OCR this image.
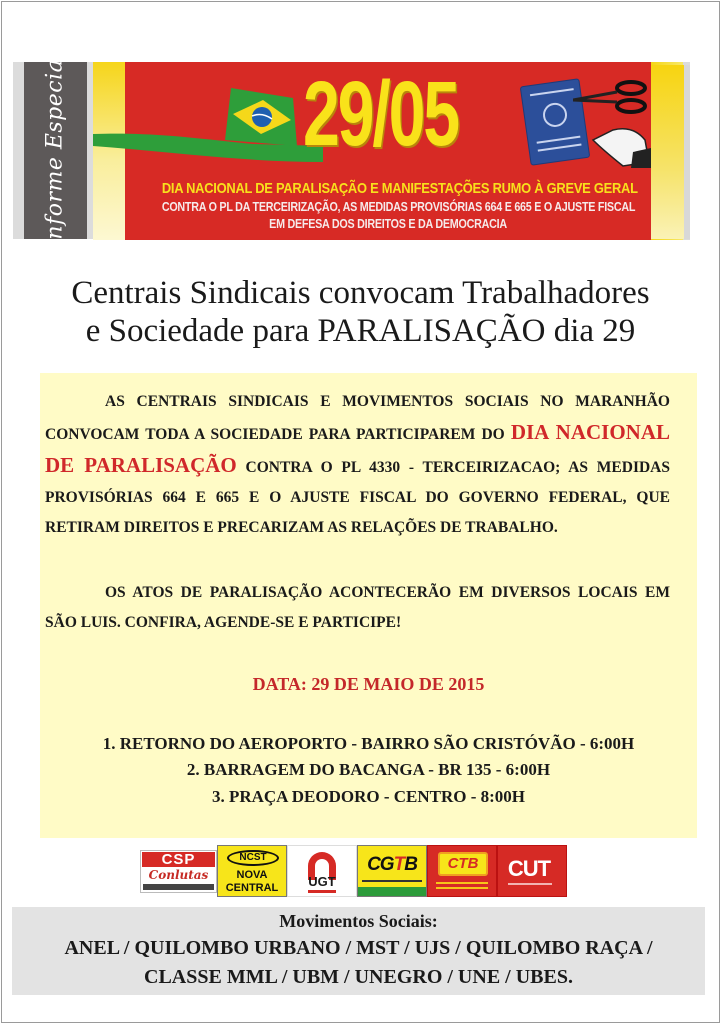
Informe Especial	29/05
DIA NACIONAL DE PARALISAÇÃO E MANIFESTAÇÕES RUMO À GREVE GERAL
CONTRA O PL DA TERCEIRIZAÇÃO, AS MEDIDAS PROVISÓRIAS 664 E 665 E O AJUSTE FISCAL
EM DEFESA DOS DIREITOS E DA DEMOCRACIA
Centrais Sindicais convocam Trabalhadores
e Sociedade para PARALISAÇÃO dia 29
AS CENTRAIS SINDICAIS E MOVIMENTOS SOCIAIS NO MARANHÃO CONVOCAM TODA A SOCIEDADE PARA PARTICIPAREM DO DIA NACIONAL DE PARALISAÇÃO CONTRA O PL 4330 - TERCEIRIZACAO; AS MEDIDAS PROVISÓRIAS 664 E 665 E O AJUSTE FISCAL DO GOVERNO FEDERAL, QUE RETIRAM DIREITOS E PRECARIZAM AS RELAÇÕES DE TRABALHO.
OS ATOS DE PARALISAÇÃO ACONTECERÃO EM DIVERSOS LOCAIS EM SÃO LUIS. CONFIRA, AGENDE-SE E PARTICIPE!
DATA: 29 DE MAIO DE 2015
1. RETORNO DO AEROPORTO - BAIRRO SÃO CRISTÓVÃO - 6:00H
2. BARRAGEM DO BACANGA - BR 135 - 6:00H
3. PRAÇA DEODORO - CENTRO - 8:00H
CSP
Conlutas
NCST
NOVA
CENTRAL	UGT
CGTB	CTB	CUT
Movimentos Sociais:
ANEL / QUILOMBO URBANO / MST / UJS / QUILOMBO RAÇA /
CLASSE MML / UBM / UNEGRO / UNE / UBES.
